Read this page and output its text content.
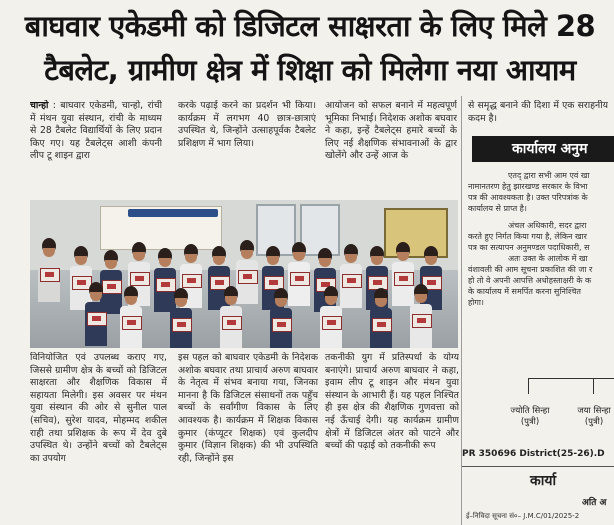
बाघवार एकेडमी को डिजिटल साक्षरता के लिए मिले 28
टैबलेट, ग्रामीण क्षेत्र में शिक्षा को मिलेगा नया आयाम

चान्हो : बाघवार एकेडमी, चान्हो, रांची में मंथन युवा संस्थान, रांची के माध्यम से 28 टैबलेट विद्यार्थियों के लिए प्रदान किए गए। यह टैबलेट्स आशी कंपनी लीप टू शाइन द्वारा

करके पढ़ाई करने का प्रदर्शन भी किया। कार्यक्रम में लगभग 40 छात्र-छात्राएं उपस्थित थे, जिन्होंने उत्साहपूर्वक टैबलेट प्रशिक्षण में भाग लिया।

आयोजन को सफल बनाने में महत्वपूर्ण भूमिका निभाई। निदेशक अशोक बघवार ने कहा, इन्हें टैबलेट्स हमारे बच्चों के लिए नई शैक्षणिक संभावनाओं के द्वार खोलेंगे और उन्हें आज के

से समृद्ध बनाने की दिशा में एक सराहनीय कदम है।

विनियोजित एवं उपलब्ध कराए गए, जिससे ग्रामीण क्षेत्र के बच्चों को डिजिटल साक्षरता और शैक्षणिक विकास में सहायता मिलेगी। इस अवसर पर मंथन युवा संस्थान की ओर से सुनील पाल (सचिव), सुरेश यादव, मोहम्मद शकील राही तथा प्रशिक्षक के रूप में देव दुबे उपस्थित थे। उन्होंने बच्चों को टैबलेट्स का उपयोग

इस पहल को बाघवार एकेडमी के निदेशक अशोक बघवार तथा प्राचार्य अरुण बाघवार के नेतृत्व में संभव बनाया गया, जिनका मानना है कि डिजिटल संसाधनों तक पहुँच बच्चों के सर्वांगीण विकास के लिए आवश्यक है। कार्यक्रम में शिक्षक विकास कुमार (कंप्यूटर शिक्षक) एवं कुलदीप कुमार (विज्ञान शिक्षक) की भी उपस्थिति रही, जिन्होंने इस

तकनीकी युग में प्रतिस्पर्धा के योग्य बनाएंगे। प्राचार्य अरुण बाघवार ने कहा, इवाम लीप टू शाइन और मंथन युवा संस्थान के आभारी हैं। यह पहल निश्चित ही इस क्षेत्र की शैक्षणिक गुणवत्ता को नई ऊँचाई देगी। यह कार्यक्रम ग्रामीण क्षेत्रों में डिजिटल अंतर को पाटने और बच्चों की पढ़ाई को तकनीकी रूप

कार्यालय अनुम

एतद् द्वारा सभी आम एवं खा

नामानतरण हेतु झारखण्ड सरकार के विभा

पत्र की आवश्यकता है। उक्त परिपत्रांक के

कार्यालय से प्राप्त है।

अंचल अधिकारी, सदर द्वारा

करते हुए निर्गत किया गया है, लेकिन खार

पत्र का सत्यापन अनुमण्डल पदाधिकारी, स

अतः उक्त के आलोक में खा

वंशावली की आम सूचना प्रकाशित की जा र

हो तो वे अपनी आपत्ति अधोहस्ताक्षरी के क

के कार्यालय में समर्पित करना सुनिश्चित

होगा।

ज्योति सिन्हा
(पुत्री)
जया सिन्हा
(पुत्री)
PR 350696 District(25-26).D
कार्या
अति अ
ई–निविदा सूचना सं०– J.M.C/01/2025-2
